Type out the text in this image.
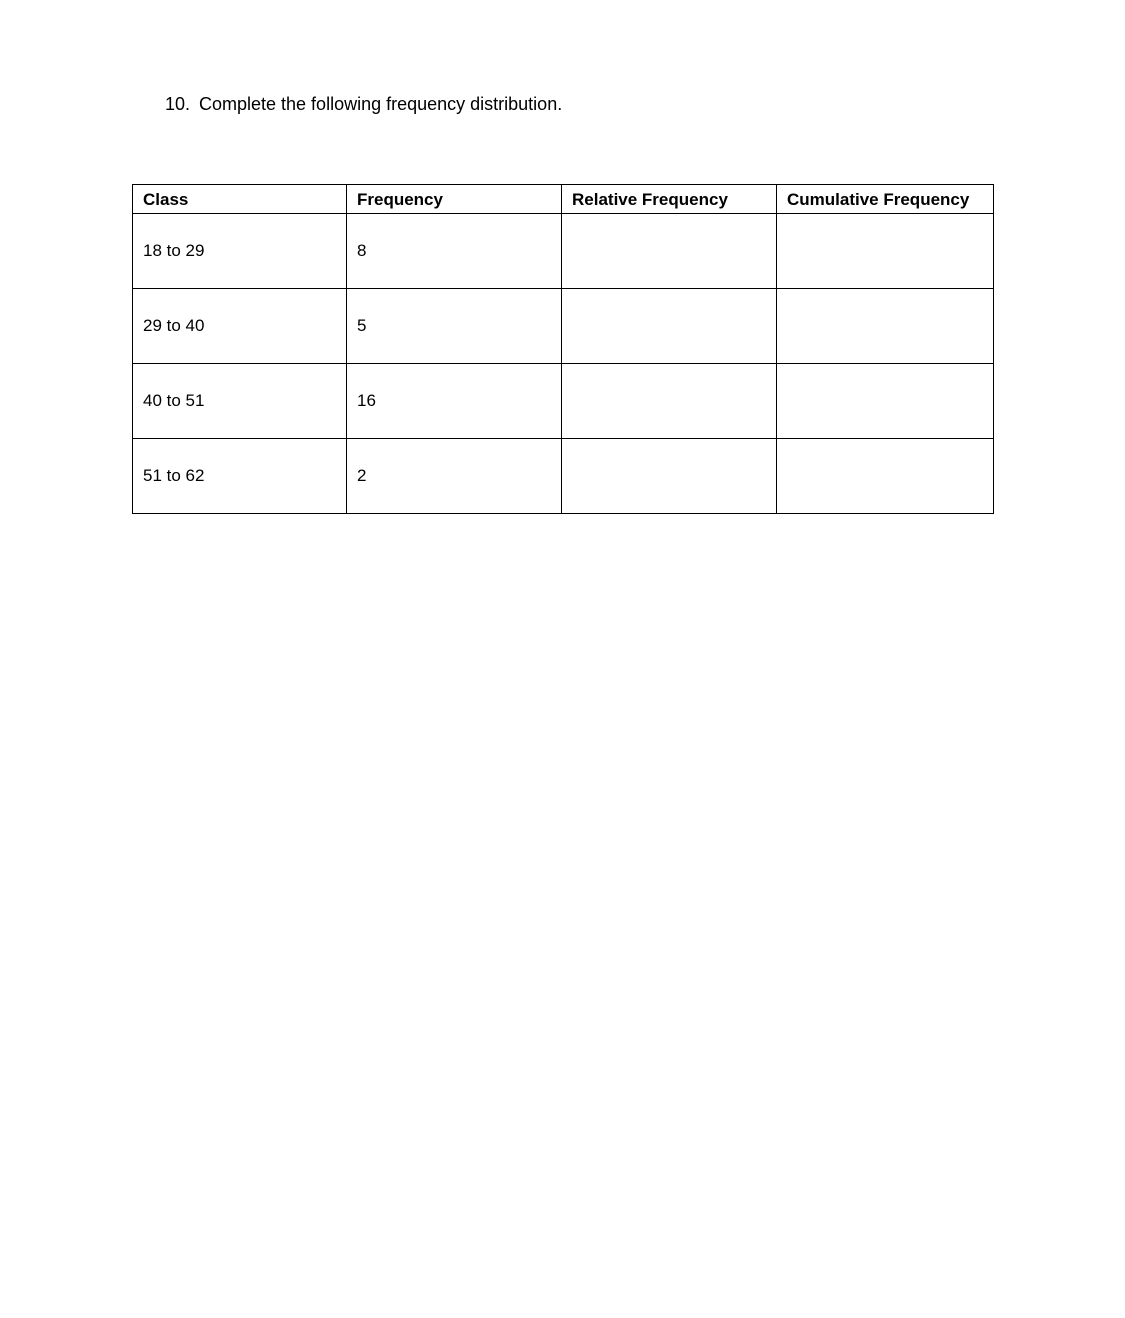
10. Complete the following frequency distribution.
Class	Frequency	Relative Frequency	Cumulative Frequency
18 to 29	8		
29 to 40	5		
40 to 51	16		
51 to 62	2		
